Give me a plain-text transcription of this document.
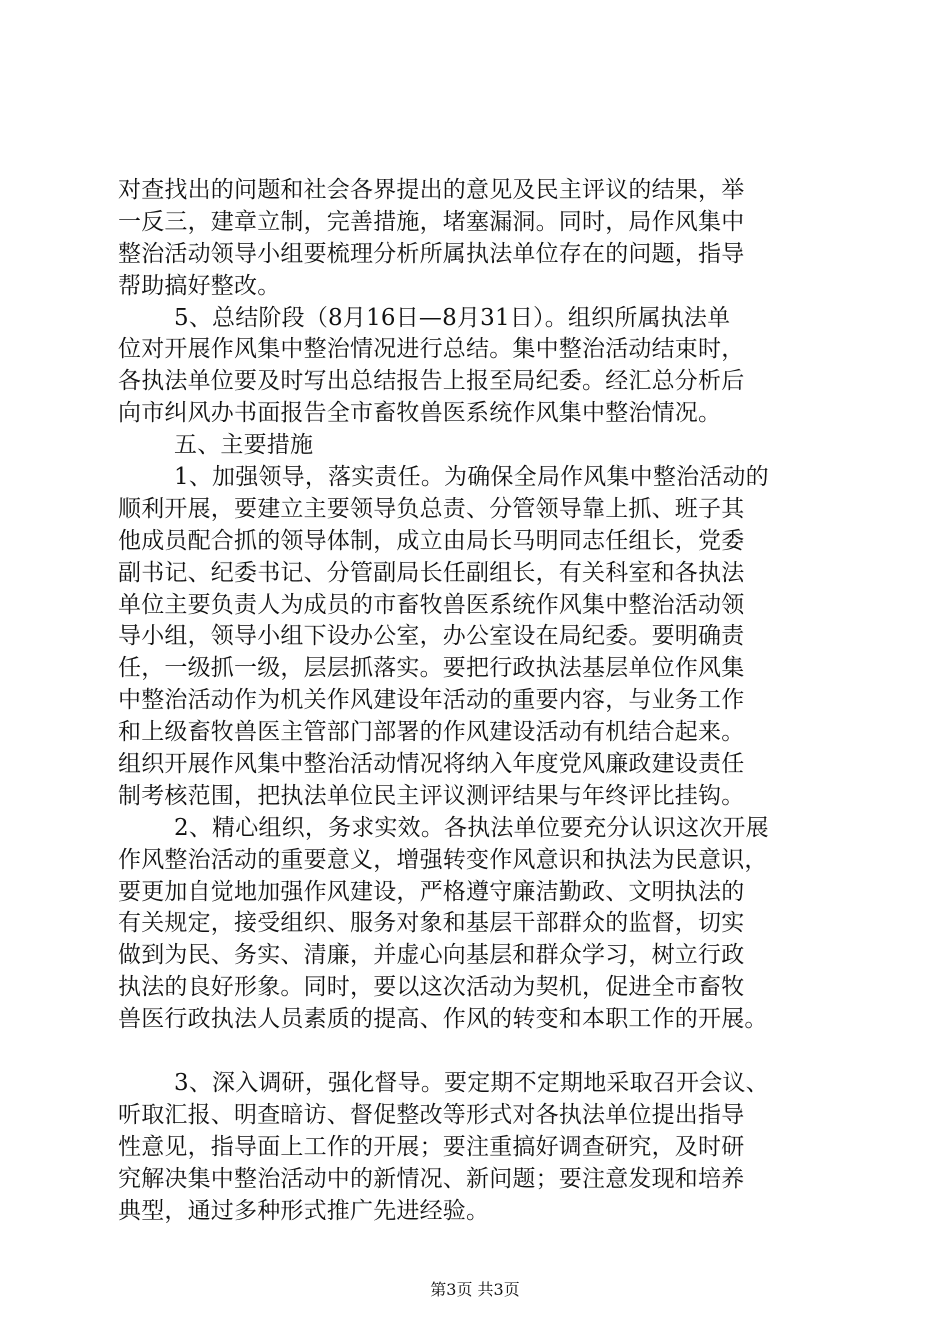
对查找出的问题和社会各界提出的意见及民主评议的结果，举
一反三，建章立制，完善措施，堵塞漏洞。同时，局作风集中
整治活动领导小组要梳理分析所属执法单位存在的问题，指导
帮助搞好整改。
5、总结阶段（8月16日—8月31日）。组织所属执法单
位对开展作风集中整治情况进行总结。集中整治活动结束时，
各执法单位要及时写出总结报告上报至局纪委。经汇总分析后
向市纠风办书面报告全市畜牧兽医系统作风集中整治情况。
五、主要措施
1、加强领导，落实责任。为确保全局作风集中整治活动的
顺利开展，要建立主要领导负总责、分管领导靠上抓、班子其
他成员配合抓的领导体制，成立由局长马明同志任组长，党委
副书记、纪委书记、分管副局长任副组长，有关科室和各执法
单位主要负责人为成员的市畜牧兽医系统作风集中整治活动领
导小组，领导小组下设办公室，办公室设在局纪委。要明确责
任，一级抓一级，层层抓落实。要把行政执法基层单位作风集
中整治活动作为机关作风建设年活动的重要内容，与业务工作
和上级畜牧兽医主管部门部署的作风建设活动有机结合起来。
组织开展作风集中整治活动情况将纳入年度党风廉政建设责任
制考核范围，把执法单位民主评议测评结果与年终评比挂钩。
2、精心组织，务求实效。各执法单位要充分认识这次开展
作风整治活动的重要意义，增强转变作风意识和执法为民意识，
要更加自觉地加强作风建设，严格遵守廉洁勤政、文明执法的
有关规定，接受组织、服务对象和基层干部群众的监督，切实
做到为民、务实、清廉，并虚心向基层和群众学习，树立行政
执法的良好形象。同时，要以这次活动为契机，促进全市畜牧
兽医行政执法人员素质的提高、作风的转变和本职工作的开展。
3、深入调研，强化督导。要定期不定期地采取召开会议、
听取汇报、明查暗访、督促整改等形式对各执法单位提出指导
性意见，指导面上工作的开展；要注重搞好调查研究，及时研
究解决集中整治活动中的新情况、新问题；要注意发现和培养
典型，通过多种形式推广先进经验。
第3页 共3页
